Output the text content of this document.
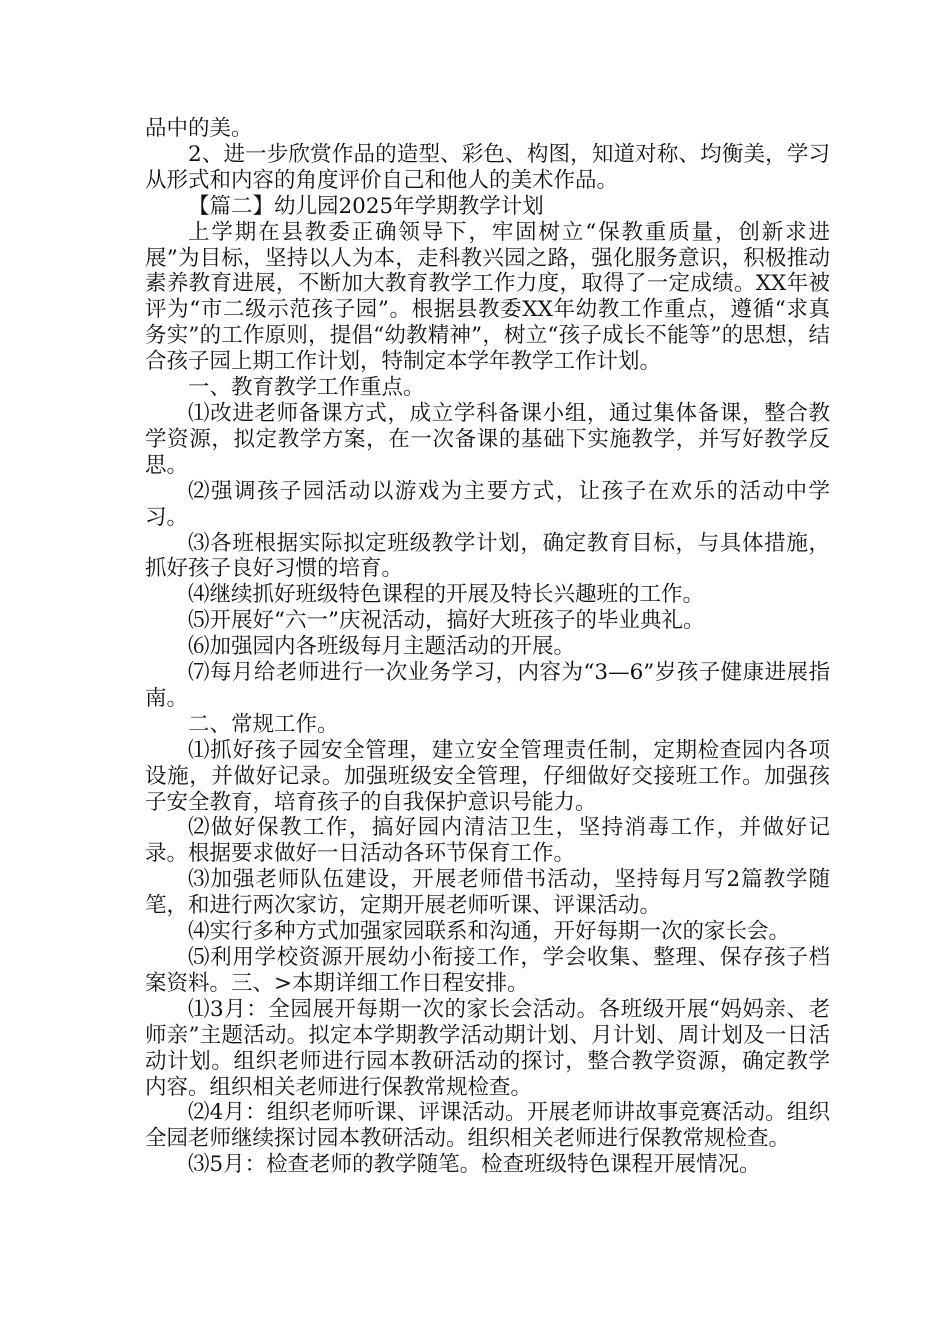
品中的美。

2、进一步欣赏作品的造型、彩色、构图，知道对称、均衡美，学习从形式和内容的角度评价自己和他人的美术作品。

【篇二】幼儿园2025年学期教学计划

上学期在县教委正确领导下，牢固树立“保教重质量，创新求进展”为目标，坚持以人为本，走科教兴园之路，强化服务意识，积极推动素养教育进展，不断加大教育教学工作力度，取得了一定成绩。XX年被评为“市二级示范孩子园”。根据县教委XX年幼教工作重点，遵循“求真务实”的工作原则，提倡“幼教精神”，树立“孩子成长不能等”的思想，结合孩子园上期工作计划，特制定本学年教学工作计划。

一、教育教学工作重点。

⑴改进老师备课方式，成立学科备课小组，通过集体备课，整合教学资源，拟定教学方案，在一次备课的基础下实施教学，并写好教学反思。

⑵强调孩子园活动以游戏为主要方式，让孩子在欢乐的活动中学习。

⑶各班根据实际拟定班级教学计划，确定教育目标，与具体措施，抓好孩子良好习惯的培育。

⑷继续抓好班级特色课程的开展及特长兴趣班的工作。

⑸开展好“六一”庆祝活动，搞好大班孩子的毕业典礼。

⑹加强园内各班级每月主题活动的开展。

⑺每月给老师进行一次业务学习，内容为“3—6”岁孩子健康进展指南。

二、常规工作。

⑴抓好孩子园安全管理，建立安全管理责任制，定期检查园内各项设施，并做好记录。加强班级安全管理，仔细做好交接班工作。加强孩子安全教育，培育孩子的自我保护意识号能力。

⑵做好保教工作，搞好园内清洁卫生，坚持消毒工作，并做好记录。根据要求做好一日活动各环节保育工作。

⑶加强老师队伍建设，开展老师借书活动，坚持每月写2篇教学随笔，和进行两次家访，定期开展老师听课、评课活动。

⑷实行多种方式加强家园联系和沟通，开好每期一次的家长会。

⑸利用学校资源开展幼小衔接工作，学会收集、整理、保存孩子档案资料。三、>本期详细工作日程安排。

⑴3月：全园展开每期一次的家长会活动。各班级开展“妈妈亲、老师亲”主题活动。拟定本学期教学活动期计划、月计划、周计划及一日活动计划。组织老师进行园本教研活动的探讨，整合教学资源，确定教学内容。组织相关老师进行保教常规检查。

⑵4月：组织老师听课、评课活动。开展老师讲故事竞赛活动。组织全园老师继续探讨园本教研活动。组织相关老师进行保教常规检查。

⑶5月：检查老师的教学随笔。检查班级特色课程开展情况。
